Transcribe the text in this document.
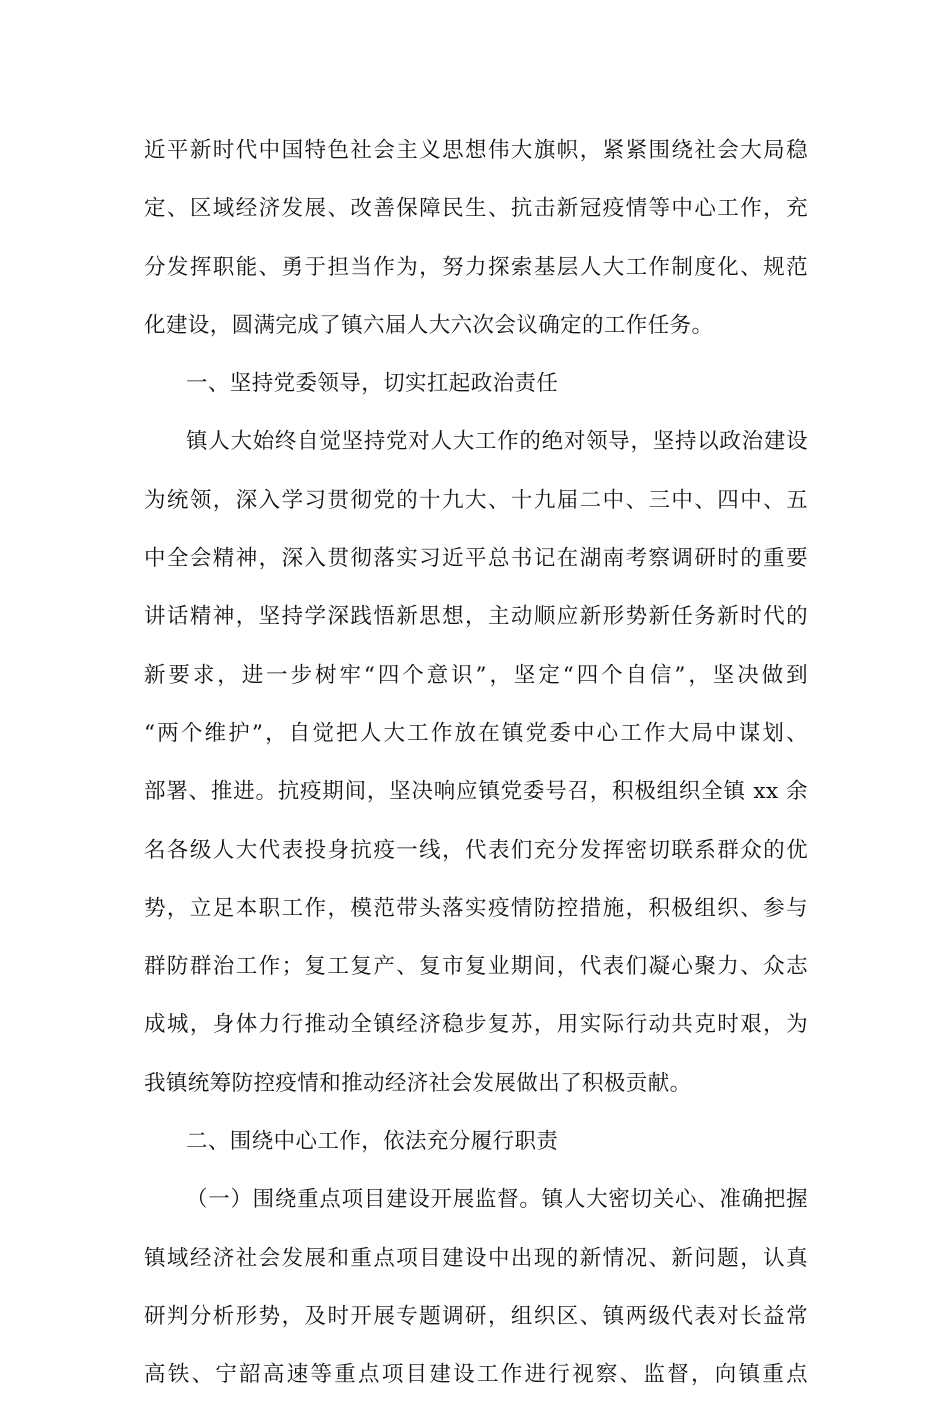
近平新时代中国特色社会主义思想伟大旗帜，紧紧围绕社会大局稳
定、区域经济发展、改善保障民生、抗击新冠疫情等中心工作，充
分发挥职能、勇于担当作为，努力探索基层人大工作制度化、规范
化建设，圆满完成了镇六届人大六次会议确定的工作任务。
一、坚持党委领导，切实扛起政治责任
镇人大始终自觉坚持党对人大工作的绝对领导，坚持以政治建设
为统领，深入学习贯彻党的十九大、十九届二中、三中、四中、五
中全会精神，深入贯彻落实习近平总书记在湖南考察调研时的重要
讲话精神，坚持学深践悟新思想，主动顺应新形势新任务新时代的
新要求，进一步树牢“四个意识”，坚定“四个自信”，坚决做到
“两个维护”，自觉把人大工作放在镇党委中心工作大局中谋划、
部署、推进。抗疫期间，坚决响应镇党委号召，积极组织全镇 xx 余
名各级人大代表投身抗疫一线，代表们充分发挥密切联系群众的优
势，立足本职工作，模范带头落实疫情防控措施，积极组织、参与
群防群治工作；复工复产、复市复业期间，代表们凝心聚力、众志
成城，身体力行推动全镇经济稳步复苏，用实际行动共克时艰，为
我镇统筹防控疫情和推动经济社会发展做出了积极贡献。
二、围绕中心工作，依法充分履行职责
（一）围绕重点项目建设开展监督。镇人大密切关心、准确把握
镇域经济社会发展和重点项目建设中出现的新情况、新问题，认真
研判分析形势，及时开展专题调研，组织区、镇两级代表对长益常
高铁、宁韶高速等重点项目建设工作进行视察、监督，向镇重点
